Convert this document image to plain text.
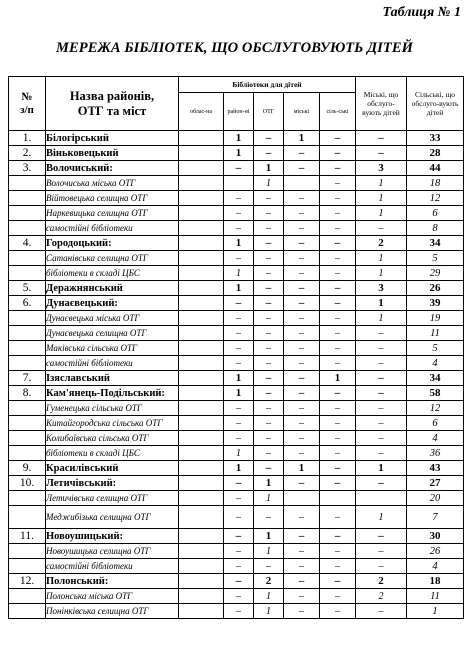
Таблиця № 1
МЕРЕЖА БІБЛІОТЕК, ЩО ОБСЛУГОВУЮТЬ ДІТЕЙ
№ з/п	Назва районів, ОТГ та міст	Бібліотеки для дітей					Міські, що обслуго-вують дітей	Сільські, що обслуго-вують дітей
		облас-на	район-ні	ОТГ	міські	сіль-ські		
1.	Білогірський		1	–	1	–	–	33
2.	Віньковецький		1	–	–	–	–	28
3.	Волочиський:		–	1	–	–	3	44
	Волочиська міська ОТГ			1		–	1	18
	Війтовецька селищна ОТГ		–	–	–	–	1	12
	Наркевицька селищна ОТГ		–	–	–	–	1	6
	самостійні бібліотеки		–	–	–	–	–	8
4.	Городоцький:		1	–	–	–	2	34
	Сатанівська селищна ОТГ		–	–	–	–	1	5
	бібліотеки в складі ЦБС		1	–	–	–	1	29
5.	Деражнянський		1	–	–	–	3	26
6.	Дунаєвецький:		–	–	–	–	1	39
	Дунаєвецька міська ОТГ		–	–	–	–	1	19
	Дунаєвецька селищна ОТГ		–	–	–	–	–	11
	Маківська сільська ОТГ		–	–	–	–	–	5
	самостійні бібліотеки		–	–	–	–	–	4
7.	Ізяславський		1	–	–	1	–	34
8.	Кам'янець-Подільський:		1	–	–	–	–	58
	Гуменецька сільська ОТГ		–	–	–	–	–	12
	Китайгородська сільська ОТГ		–	–	–	–	–	6
	Колибаївська сільська ОТГ		–	–	–	–	–	4
	бібліотеки в складі ЦБС		1	–	–	–	–	36
9.	Красилівський		1	–	1	–	1	43
10.	Летичівський:		–	1	–	–	–	27
	Летичівська селищна ОТГ		–	1				20
	Меджибізька селищна ОТГ		–	–	–	–	1	7
11.	Новоушицький:		–	1	–	–	–	30
	Новоушицька селищна ОТГ		–	1	–	–	–	26
	самостійні бібліотеки		–	–	–	–	–	4
12.	Полонський:		–	2	–	–	2	18
	Полонська міська ОТГ		–	1	–	–	2	11
	Понінківська селищна ОТГ		–	1	–	–	–	1
